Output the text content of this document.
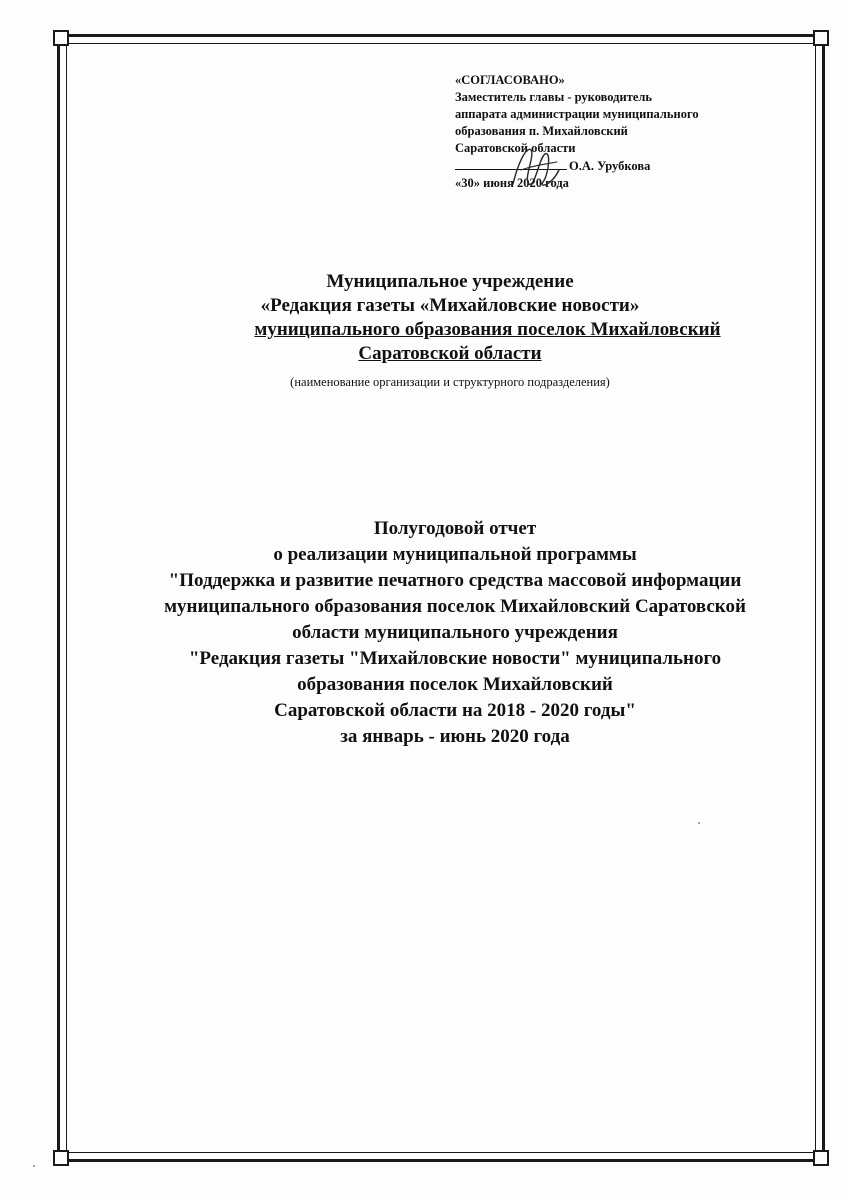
«СОГЛАСОВАНО»
Заместитель главы - руководитель
аппарата администрации муниципального
образования п. Михайловский
Саратовской области
О.А. Урубкова
«30» июня 2020 года
Муниципальное учреждение
«Редакция газеты «Михайловские новости»
муниципального образования поселок Михайловский
Саратовской области
(наименование организации и структурного подразделения)
Полугодовой отчет
о реализации муниципальной программы
"Поддержка и развитие печатного средства массовой информации
муниципального образования поселок Михайловский Саратовской
области муниципального учреждения
"Редакция газеты "Михайловские новости" муниципального
образования поселок Михайловский
Саратовской области на 2018 - 2020 годы"
за январь - июнь 2020 года
